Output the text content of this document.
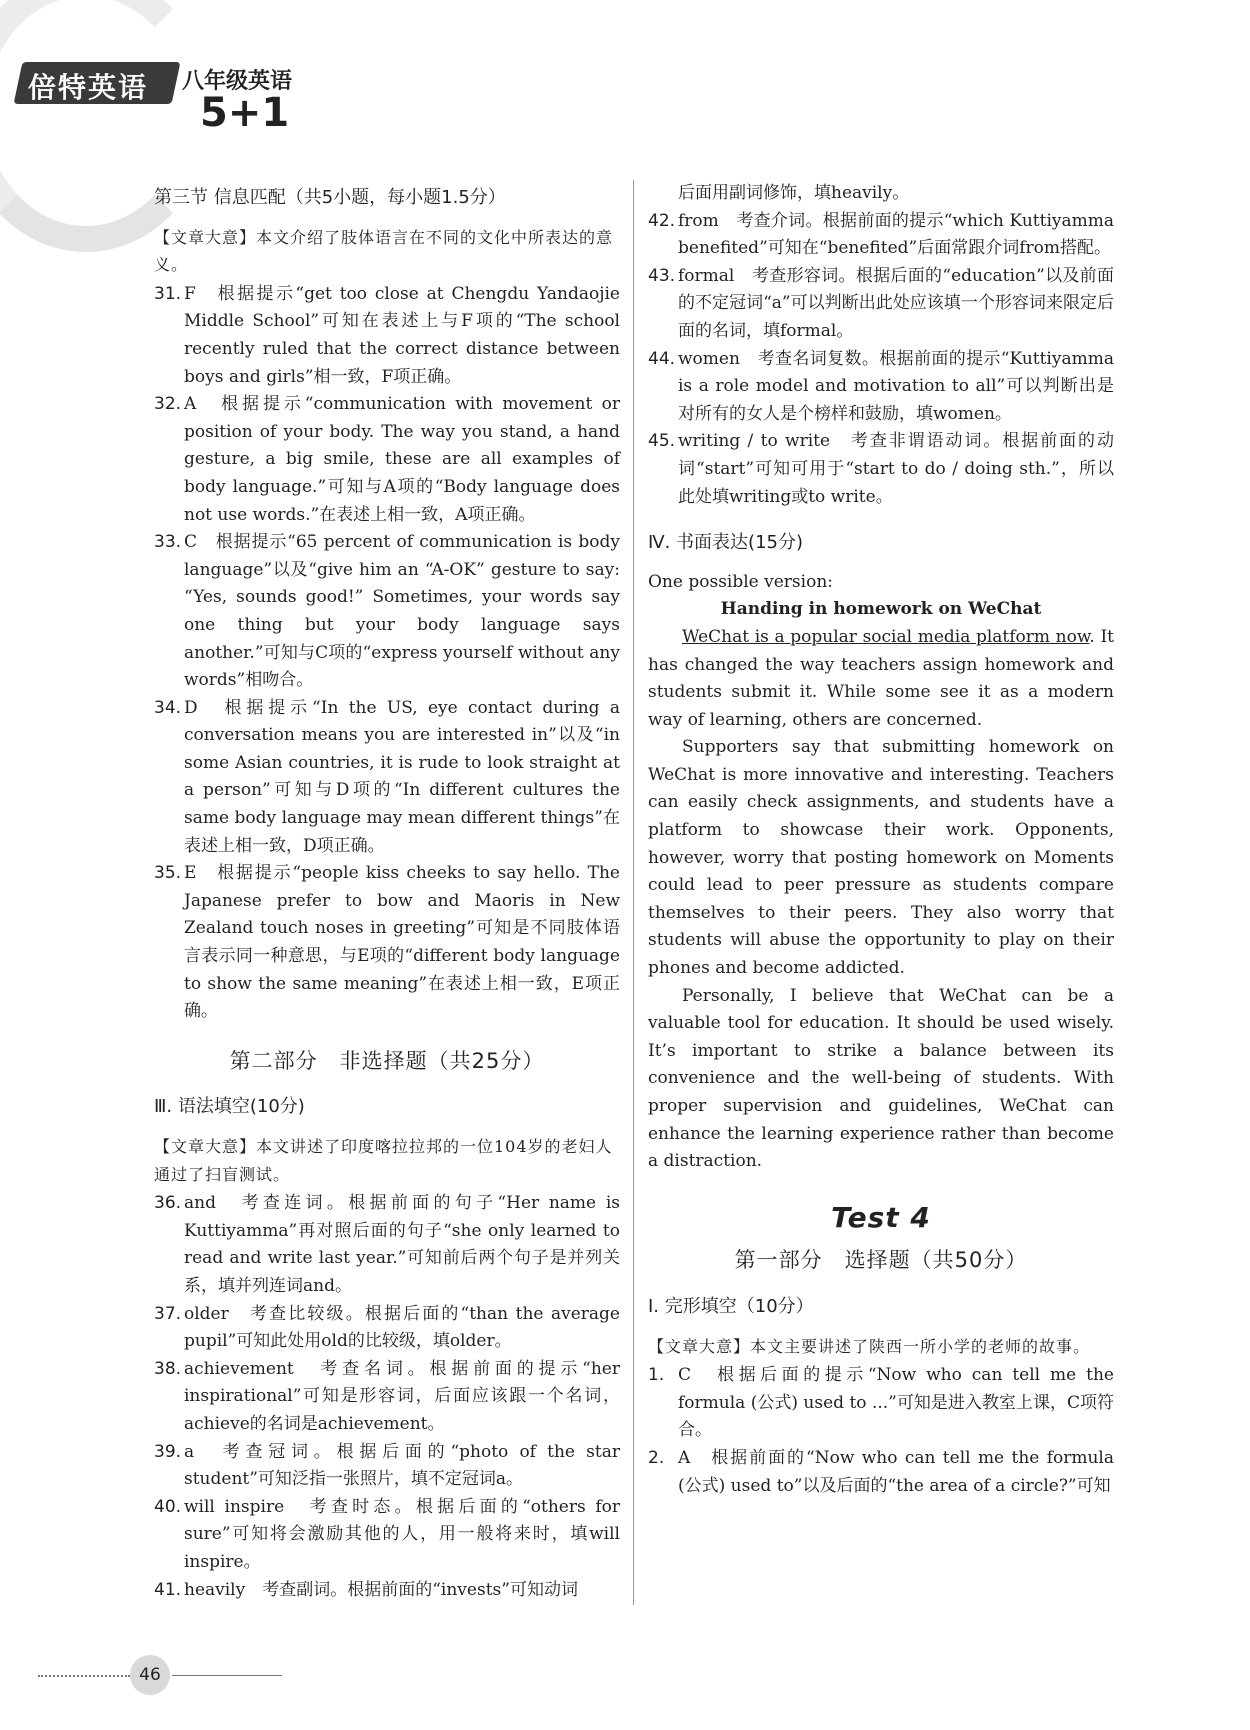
倍特英语 八年级英语
5+1
第三节 信息匹配（共5小题，每小题1.5分）
【文章大意】本文介绍了肢体语言在不同的文化中所表达的意义。
31. F　根据提示“get too close at Chengdu Yandaojie Middle School”可知在表述上与F项的“The school recently ruled that the correct distance between boys and girls”相一致，F项正确。
32. A　根据提示“communication with movement or position of your body. The way you stand, a hand gesture, a big smile, these are all examples of body language.”可知与A项的“Body language does not use words.”在表述上相一致，A项正确。
33. C　根据提示“65 percent of communication is body language”以及“give him an “A-OK” gesture to say: “Yes, sounds good!” Sometimes, your words say one thing but your body language says another.”可知与C项的“express yourself without any words”相吻合。
34. D　根据提示“In the US, eye contact during a conversation means you are interested in”以及“in some Asian countries, it is rude to look straight at a person”可知与D项的“In different cultures the same body language may mean different things”在表述上相一致，D项正确。
35. E　根据提示“people kiss cheeks to say hello. The Japanese prefer to bow and Maoris in New Zealand touch noses in greeting”可知是不同肢体语言表示同一种意思，与E项的“different body language to show the same meaning”在表述上相一致，E项正确。
第二部分　非选择题（共25分）
Ⅲ. 语法填空(10分)
【文章大意】本文讲述了印度喀拉拉邦的一位104岁的老妇人通过了扫盲测试。
36. and　考查连词。根据前面的句子“Her name is Kuttiyamma”再对照后面的句子“she only learned to read and write last year.”可知前后两个句子是并列关系，填并列连词and。
37. older　考查比较级。根据后面的“than the average pupil”可知此处用old的比较级，填older。
38. achievement　考查名词。根据前面的提示“her inspirational”可知是形容词，后面应该跟一个名词，achieve的名词是achievement。
39. a　考查冠词。根据后面的“photo of the star student”可知泛指一张照片，填不定冠词a。
40. will inspire　考查时态。根据后面的“others for sure”可知将会激励其他的人，用一般将来时，填will inspire。
41. heavily　考查副词。根据前面的“invests”可知动词
后面用副词修饰，填heavily。
42. from　考查介词。根据前面的提示“which Kuttiyamma benefited”可知在“benefited”后面常跟介词from搭配。
43. formal　考查形容词。根据后面的“education”以及前面的不定冠词“a”可以判断出此处应该填一个形容词来限定后面的名词，填formal。
44. women　考查名词复数。根据前面的提示“Kuttiyamma is a role model and motivation to all”可以判断出是对所有的女人是个榜样和鼓励，填women。
45. writing / to write　考查非谓语动词。根据前面的动词“start”可知可用于“start to do / doing sth.”，所以此处填writing或to write。
Ⅳ. 书面表达(15分)
One possible version:
Handing in homework on WeChat
WeChat is a popular social media platform now. It has changed the way teachers assign homework and students submit it. While some see it as a modern way of learning, others are concerned.
Supporters say that submitting homework on WeChat is more innovative and interesting. Teachers can easily check assignments, and students have a platform to showcase their work. Opponents, however, worry that posting homework on Moments could lead to peer pressure as students compare themselves to their peers. They also worry that students will abuse the opportunity to play on their phones and become addicted.
Personally, I believe that WeChat can be a valuable tool for education. It should be used wisely. It’s important to strike a balance between its convenience and the well-being of students. With proper supervision and guidelines, WeChat can enhance the learning experience rather than become a distraction.
Test 4
第一部分　选择题（共50分）
Ⅰ. 完形填空（10分）
【文章大意】本文主要讲述了陕西一所小学的老师的故事。
1. C　根据后面的提示“Now who can tell me the formula (公式) used to ...”可知是进入教室上课，C项符合。
2. A　根据前面的“Now who can tell me the formula (公式) used to”以及后面的“the area of a circle?”可知
46
